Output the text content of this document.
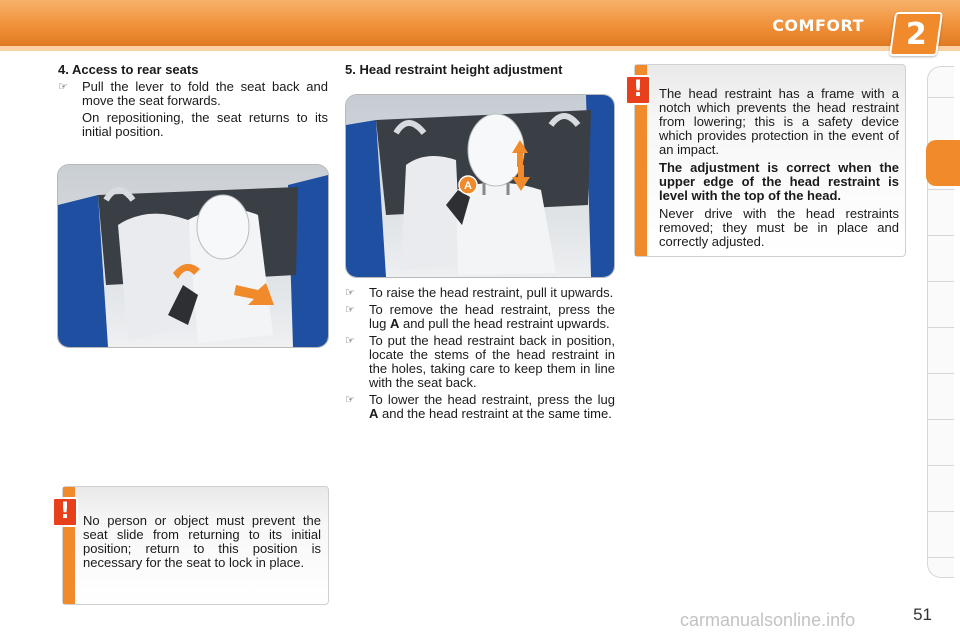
COMFORT 2
4. Access to rear seats
☞ Pull the lever to fold the seat back and move the seat forwards.
On repositioning, the seat returns to its initial position.
No person or object must prevent the seat slide from returning to its initial position; return to this position is necessary for the seat to lock in place.
!
5. Head restraint height adjustment
A
☞ To raise the head restraint, pull it upwards.
☞ To remove the head restraint, press the lug A and pull the head restraint upwards.
☞ To put the head restraint back in position, locate the stems of the head restraint in the holes, taking care to keep them in line with the seat back.
☞ To lower the head restraint, press the lug A and the head restraint at the same time.

The head restraint has a frame with a notch which prevents the head restraint from lowering; this is a safety device which provides protection in the event of an impact.

The adjustment is correct when the upper edge of the head restraint is level with the top of the head.

Never drive with the head restraints removed; they must be in place and correctly adjusted.

!
51
carmanualsonline.info
